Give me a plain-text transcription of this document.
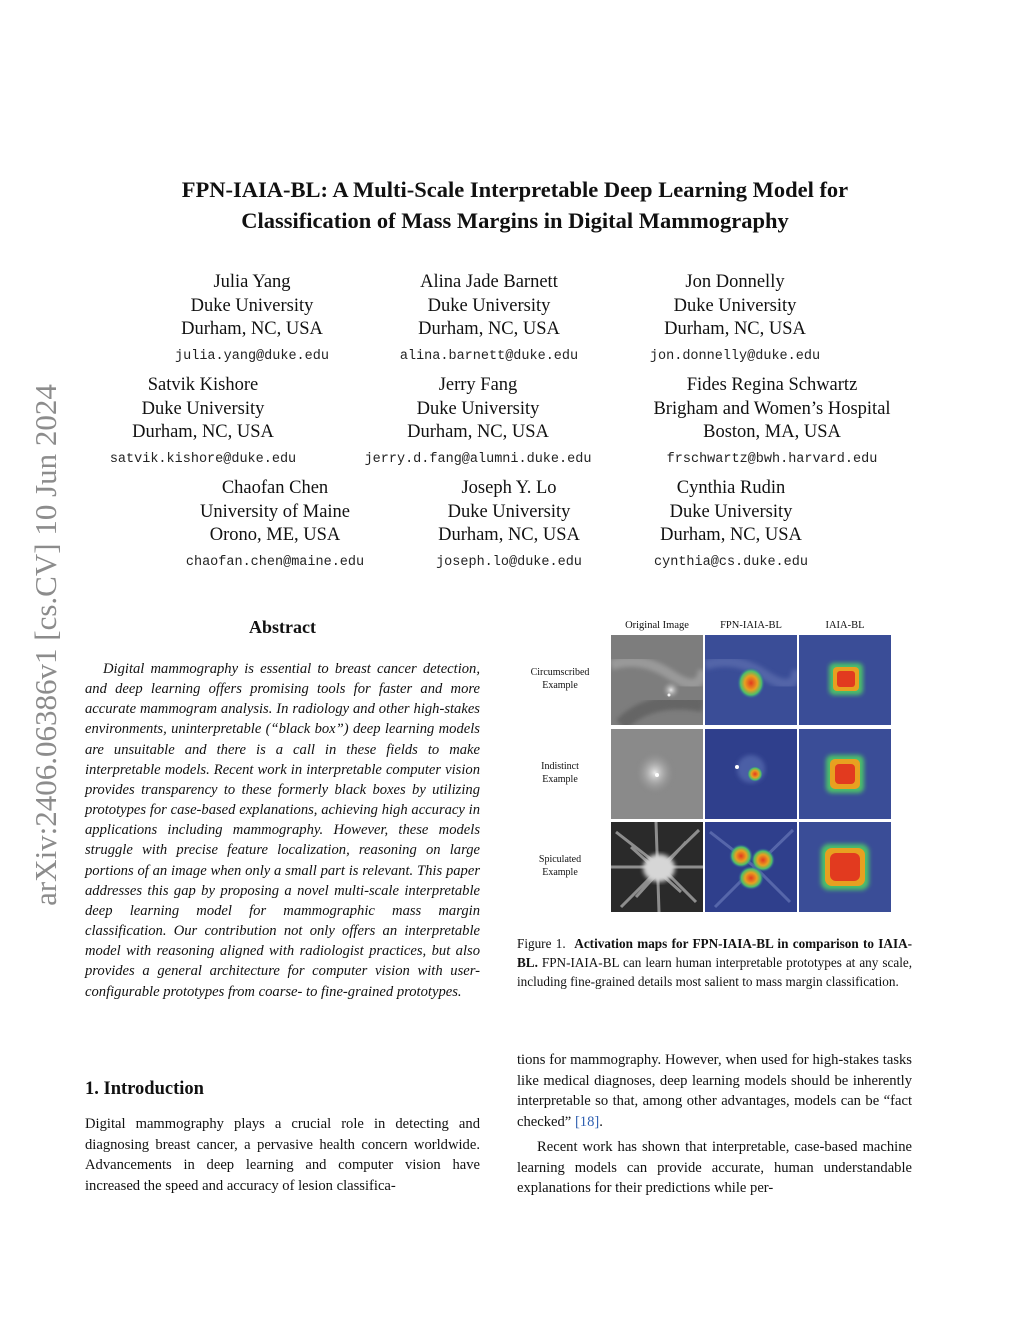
arXiv:2406.06386v1 [cs.CV] 10 Jun 2024
FPN-IAIA-BL: A Multi-Scale Interpretable Deep Learning Model for
Classification of Mass Margins in Digital Mammography
Julia Yang
Duke University
Durham, NC, USA
julia.yang@duke.edu
Alina Jade Barnett
Duke University
Durham, NC, USA
alina.barnett@duke.edu
Jon Donnelly
Duke University
Durham, NC, USA
jon.donnelly@duke.edu
Satvik Kishore
Duke University
Durham, NC, USA
satvik.kishore@duke.edu
Jerry Fang
Duke University
Durham, NC, USA
jerry.d.fang@alumni.duke.edu
Fides Regina Schwartz
Brigham and Women’s Hospital
Boston, MA, USA
frschwartz@bwh.harvard.edu
Chaofan Chen
University of Maine
Orono, ME, USA
chaofan.chen@maine.edu
Joseph Y. Lo
Duke University
Durham, NC, USA
joseph.lo@duke.edu
Cynthia Rudin
Duke University
Durham, NC, USA
cynthia@cs.duke.edu
Abstract
Digital mammography is essential to breast cancer detection, and deep learning offers promising tools for faster and more accurate mammogram analysis. In radiology and other high-stakes environments, uninterpretable (“black box”) deep learning models are unsuitable and there is a call in these fields to make interpretable models. Recent work in interpretable computer vision provides transparency to these formerly black boxes by utilizing prototypes for case-based explanations, achieving high accuracy in applications including mammography. However, these models struggle with precise feature localization, reasoning on large portions of an image when only a small part is relevant. This paper addresses this gap by proposing a novel multi-scale interpretable deep learning model for mammographic mass margin classification. Our contribution not only offers an interpretable model with reasoning aligned with radiologist practices, but also provides a general architecture for computer vision with user-configurable prototypes from coarse- to fine-grained prototypes.
1. Introduction
Digital mammography plays a crucial role in detecting and diagnosing breast cancer, a pervasive health concern worldwide. Advancements in deep learning and computer vision have increased the speed and accuracy of lesion classifica-
Original Image	FPN-IAIA-BL	IAIA-BL
Circumscribed
Example
Indistinct
Example
Spiculated
Example
Figure 1. Activation maps for FPN-IAIA-BL in comparison to IAIA-BL. FPN-IAIA-BL can learn human interpretable prototypes at any scale, including fine-grained details most salient to mass margin classification.

tions for mammography. However, when used for high-stakes tasks like medical diagnoses, deep learning models should be inherently interpretable so that, among other advantages, models can be “fact checked” [18].

Recent work has shown that interpretable, case-based machine learning models can provide accurate, human understandable explanations for their predictions while per-
